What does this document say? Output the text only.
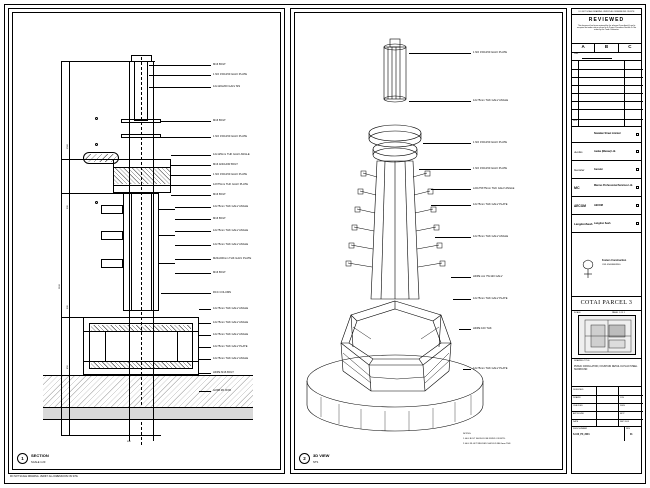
1500
600
900
450
2100
300
M16 BOLT
1 NO 150x150 GALV PLATE
12x120x200 GALV MS
M16 BOLT
1 NO 150x150 GALV PLATE
12x125mm THK GALV ANGLE
M16 ANCHOR BOLT
1 NO 150x150 GALV PLATE
12X75mm THK GALV PLATE
M16 BOLT
12x75mm THK GALV ANGLE
M16 BOLT
12x75mm THK GALV ANGLE
12x75mm THK GALV ANGLE
M20x200mm THK GALV PLATE
M16 BOLT
RCC COLUMN
12x75mm THK GALV ANGLE
12x75mm THK GALV ANGLE
12x75mm THK GALV ANGLE
12x75mm THK GALV PLATE
12x75mm THK GALV ANGLE
HDPE M16 BOLT
4/20B M1 ROD
1
SECTION
SCALE 1:20
1 NO 150x150 GALV PLATE
12x75mm THK GALV ANGLE
1 NO 150x150 GALV PLATE
1 NO 150x150 GALV PLATE
L20x75X75mm THK GALV ANGLE
12x75mm THK GALV PLATE
12x75mm THK GALV ANGLE
HDPE c/w 75x120 GALV
12x75mm THK GALV PLATE
HDPE 100 THK
12x75mm THK GALV PLATE
NOTES:
1. ALL BOLT SHOULD BE FIXED ON SITE.
2. ALL FILLET WELDED SHOULD BE 6mm THK.
2
3D VIEW
NTS
DO NOT SCALE DRAWING. VERIFY ALL DIMENSIONS ON SITE
REVIEWED
This document has been reviewed by the relevant Consultant(s) and is accepted for tender status referral to in Project Procedure Section 5.4 for action by the Trade Contractor.
A	B	C
Date :
REV
Nowalan Street Limited
Aedas	Aedas (Macau) Ltd.
Gensler	Gensler
MC
Marcus Professional Services Ltd.
AECOM	AECOM
LangdonSeah Langdon Seah
Fosters Construction
CIVIL ENGINEERING
COTAI PARCEL 3
SCALE	PANEL 1 OF 1
DRAWING TITLE
PUBLIC CIRCULATION, FOUNTAIN DETAIL 01 PLAN STEEL SURROUND
DESIGNED
DRAWN	JCH
CHECKED	DWG
APPROVED	MCP
DATE	SEP 2009
DWG NUMBER	REV
S-100_P3_2001	01
DO NOT SCALE DRAWING. VERIFY ALL DIMENSIONS ON SITE
